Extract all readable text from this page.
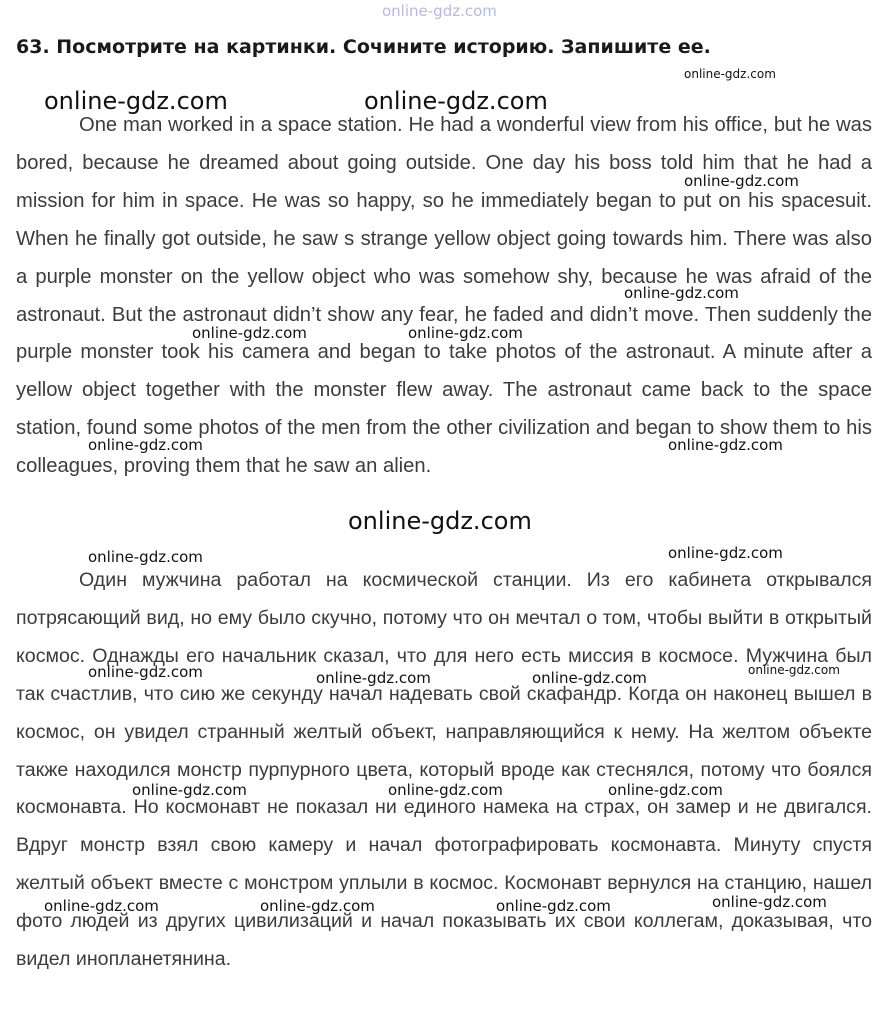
online-gdz.com
63. Посмотрите на картинки. Сочините историю. Запишите ее.

One man worked in a space station. He had a wonderful view from his office, but he was bored, because he dreamed about going outside. One day his boss told him that he had a mission for him in space. He was so happy, so he immediately began to put on his spacesuit. When he finally got outside, he saw s strange yellow object going towards him. There was also a purple monster on the yellow object who was somehow shy, because he was afraid of the astronaut. But the astronaut didn’t show any fear, he faded and didn’t move. Then suddenly the purple monster took his camera and began to take photos of the astronaut. A minute after a yellow object together with the monster flew away. The astronaut came back to the space station, found some photos of the men from the other civilization and began to show them to his colleagues, proving them that he saw an alien.

Один мужчина работал на космической станции. Из его кабинета открывался потрясающий вид, но ему было скучно, потому что он мечтал о том, чтобы выйти в открытый космос. Однажды его начальник сказал, что для него есть миссия в космосе. Мужчина был так счастлив, что сию же секунду начал надевать свой скафандр. Когда он наконец вышел в космос, он увидел странный желтый объект, направляющийся к нему. На желтом объекте также находился монстр пурпурного цвета, который вроде как стеснялся, потому что боялся космонавта. Но космонавт не показал ни единого намека на страх, он замер и не двигался. Вдруг монстр взял свою камеру и начал фотографировать космонавта. Минуту спустя желтый объект вместе с монстром уплыли в космос. Космонавт вернулся на станцию, нашел фото людей из других цивилизаций и начал показывать их свои коллегам, доказывая, что видел инопланетянина.

online-gdz.com
online-gdz.com	online-gdz.com
online-gdz.com
online-gdz.com
online-gdz.com	online-gdz.com
online-gdz.com	online-gdz.com
online-gdz.com
online-gdz.com	online-gdz.com
online-gdz.com	online-gdz.com	online-gdz.com	online-gdz.com
online-gdz.com	online-gdz.com	online-gdz.com
online-gdz.com	online-gdz.com	online-gdz.com	online-gdz.com
